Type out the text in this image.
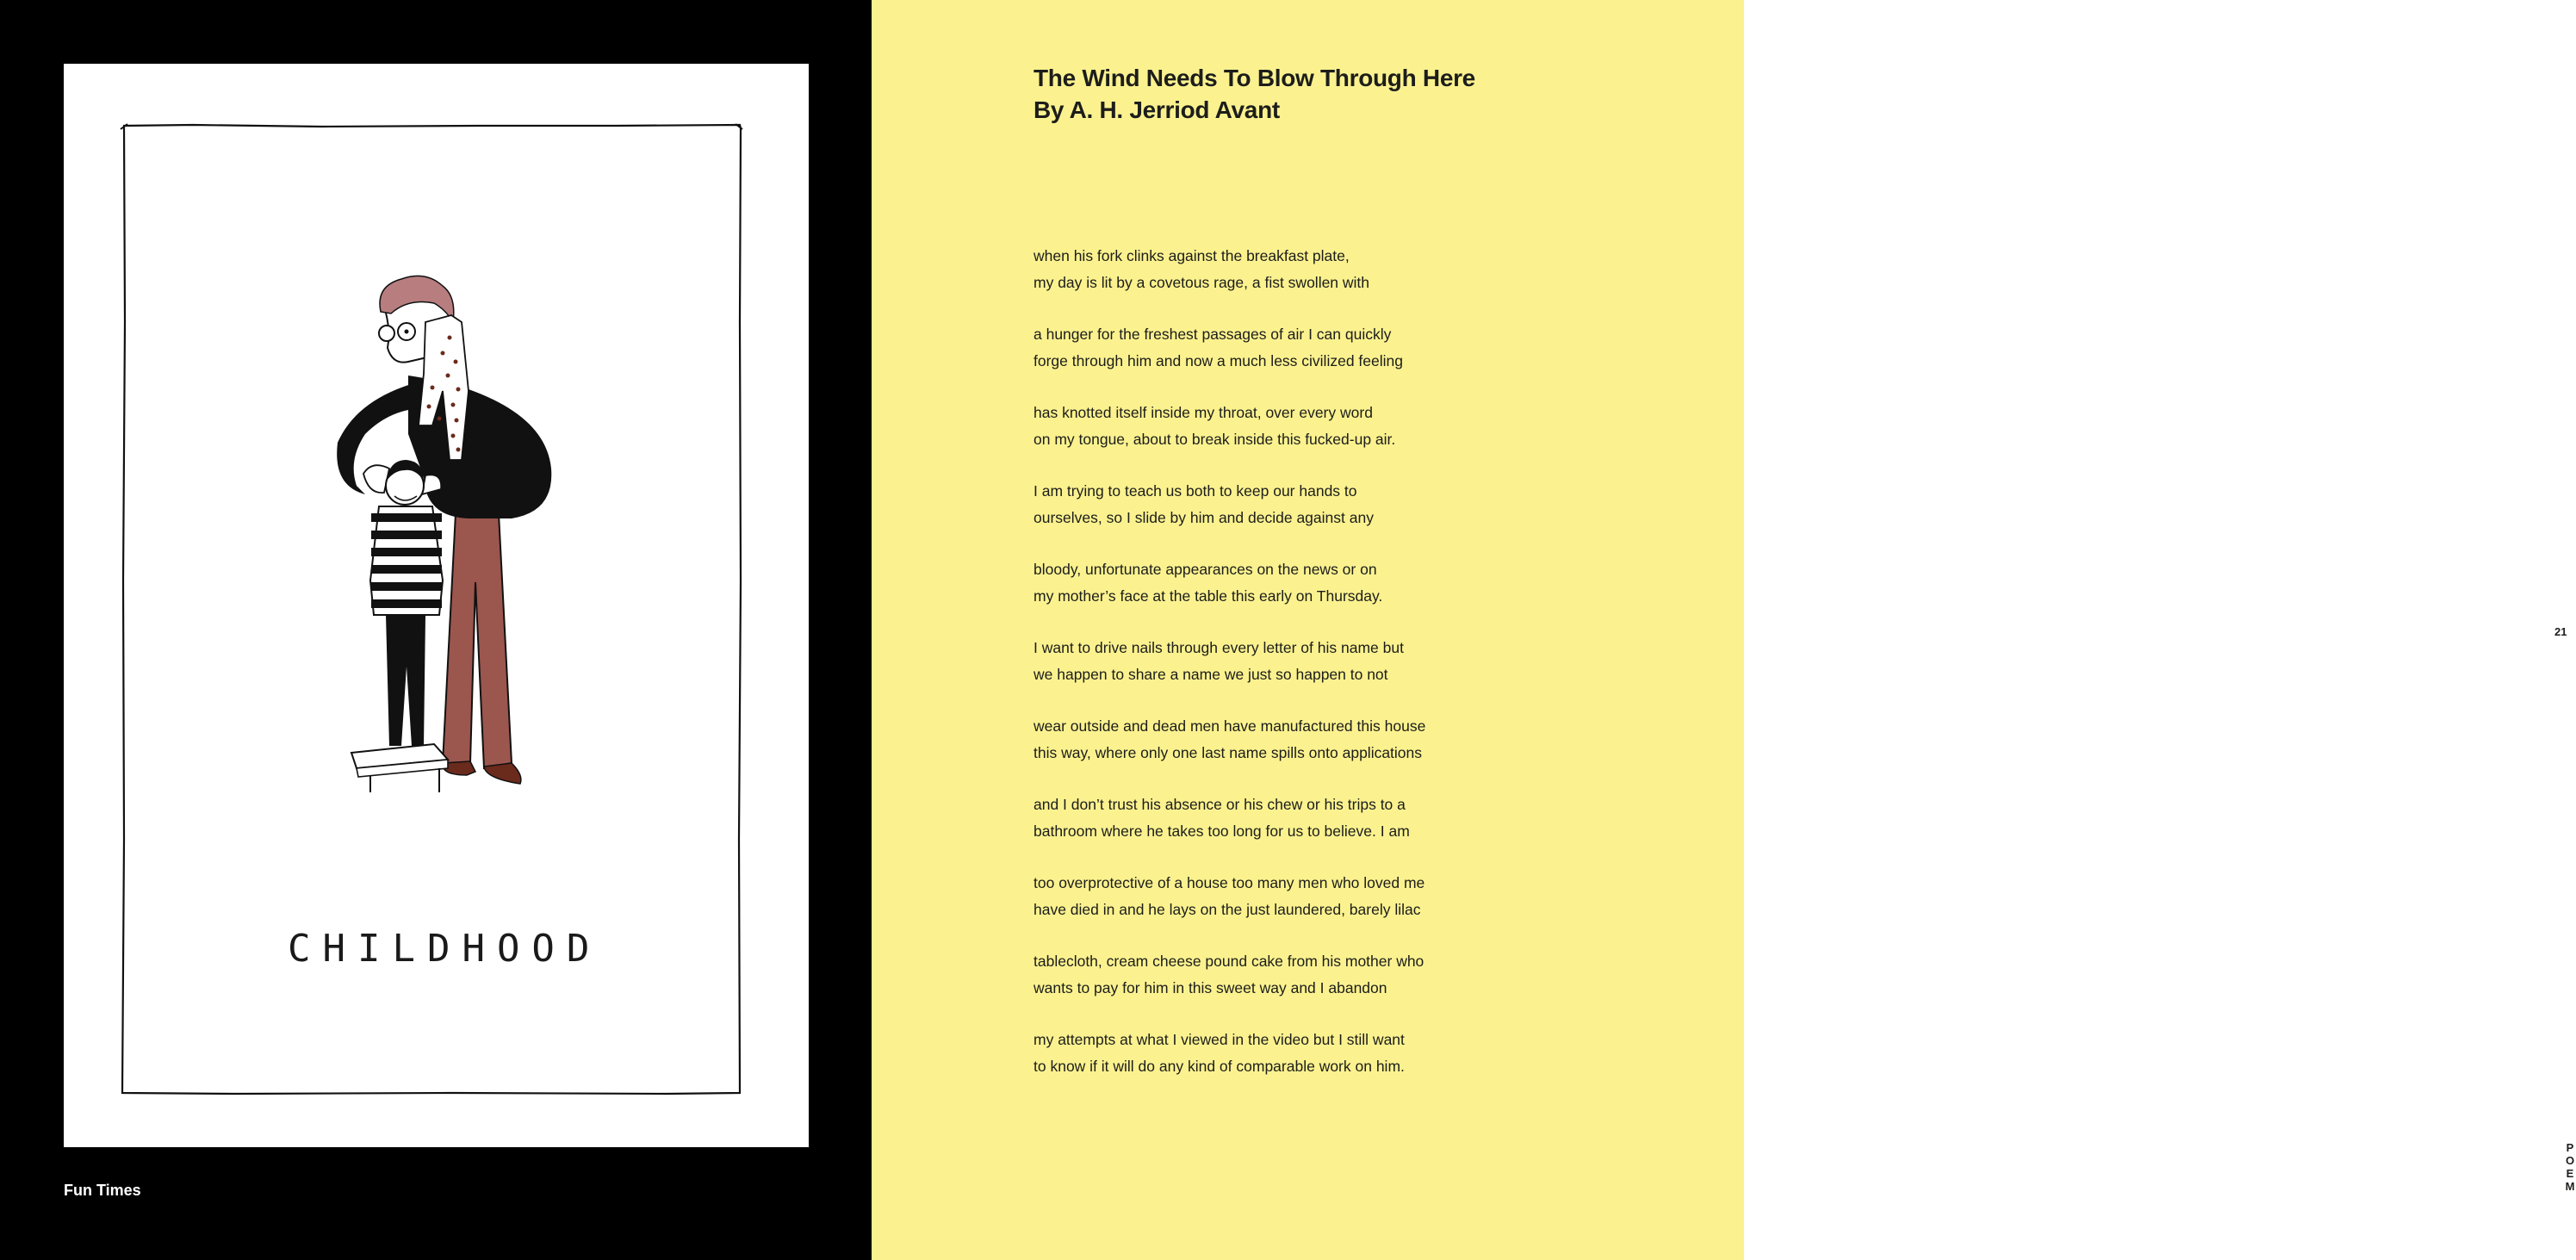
CHILDHOOD
Fun Times
The Wind Needs To Blow Through Here
By A. H. Jerriod Avant

when his fork clinks against the breakfast plate,
my day is lit by a covetous rage, a fist swollen with

a hunger for the freshest passages of air I can quickly
forge through him and now a much less civilized feeling

has knotted itself inside my throat, over every word
on my tongue, about to break inside this fucked-up air.

I am trying to teach us both to keep our hands to
ourselves, so I slide by him and decide against any

bloody, unfortunate appearances on the news or on
my mother’s face at the table this early on Thursday.

I want to drive nails through every letter of his name but
we happen to share a name we just so happen to not

wear outside and dead men have manufactured this house
this way, where only one last name spills onto applications

and I don’t trust his absence or his chew or his trips to a
bathroom where he takes too long for us to believe. I am

too overprotective of a house too many men who loved me
have died in and he lays on the just laundered, barely lilac

tablecloth, cream cheese pound cake from his mother who
wants to pay for him in this sweet way and I abandon

my attempts at what I viewed in the video but I still want
to know if it will do any kind of comparable work on him.

21
POEM
